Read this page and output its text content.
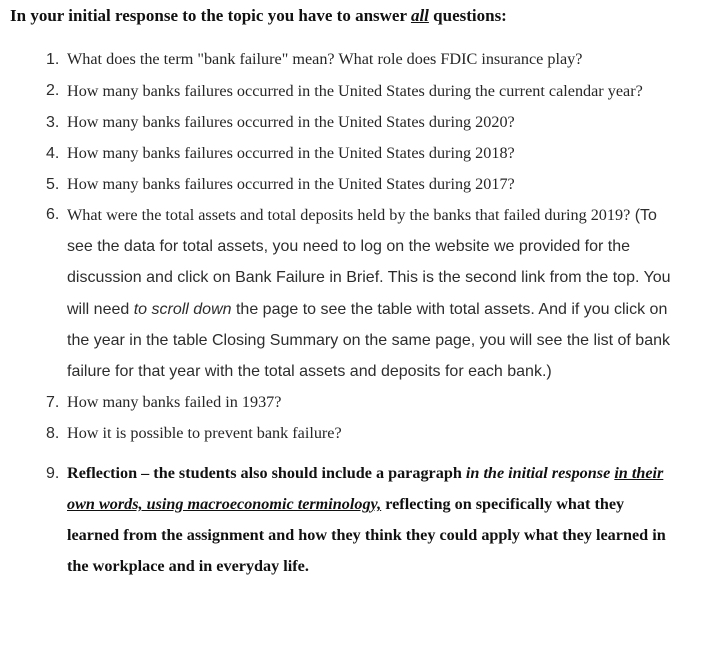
In your initial response to the topic you have to answer all questions:
1. What does the term "bank failure" mean? What role does FDIC insurance play?
2. How many banks failures occurred in the United States during the current calendar year?
3. How many banks failures occurred in the United States during 2020?
4. How many banks failures occurred in the United States during 2018?
5. How many banks failures occurred in the United States during 2017?
6. What were the total assets and total deposits held by the banks that failed during 2019? (To see the data for total assets, you need to log on the website we provided for the discussion and click on Bank Failure in Brief. This is the second link from the top. You will need to scroll down the page to see the table with total assets. And if you click on the year in the table Closing Summary on the same page, you will see the list of bank failure for that year with the total assets and deposits for each bank.)
7. How many banks failed in 1937?
8. How it is possible to prevent bank failure?
9. Reflection – the students also should include a paragraph in the initial response in their own words, using macroeconomic terminology, reflecting on specifically what they learned from the assignment and how they think they could apply what they learned in the workplace and in everyday life.
